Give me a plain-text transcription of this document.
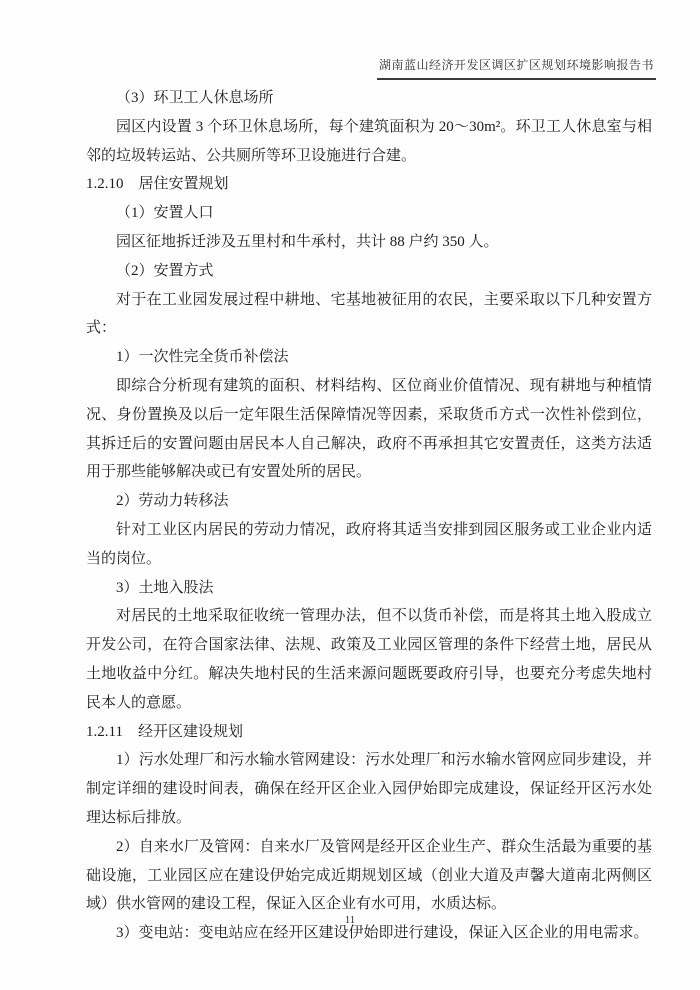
湖南蓝山经济开发区调区扩区规划环境影响报告书

（3）环卫工人休息场所

园区内设置 3 个环卫休息场所，每个建筑面积为 20～30m²。环卫工人休息室与相邻的垃圾转运站、公共厕所等环卫设施进行合建。

1.2.10 居住安置规划

（1）安置人口

园区征地拆迁涉及五里村和牛承村，共计 88 户约 350 人。

（2）安置方式

对于在工业园发展过程中耕地、宅基地被征用的农民，主要采取以下几种安置方式：

1）一次性完全货币补偿法

即综合分析现有建筑的面积、材料结构、区位商业价值情况、现有耕地与种植情况、身份置换及以后一定年限生活保障情况等因素，采取货币方式一次性补偿到位，其拆迁后的安置问题由居民本人自己解决，政府不再承担其它安置责任，这类方法适用于那些能够解决或已有安置处所的居民。

2）劳动力转移法

针对工业区内居民的劳动力情况，政府将其适当安排到园区服务或工业企业内适当的岗位。

3）土地入股法

对居民的土地采取征收统一管理办法，但不以货币补偿，而是将其土地入股成立开发公司，在符合国家法律、法规、政策及工业园区管理的条件下经营土地，居民从土地收益中分红。解决失地村民的生活来源问题既要政府引导，也要充分考虑失地村民本人的意愿。

1.2.11 经开区建设规划

1）污水处理厂和污水输水管网建设：污水处理厂和污水输水管网应同步建设，并制定详细的建设时间表，确保在经开区企业入园伊始即完成建设，保证经开区污水处理达标后排放。

2）自来水厂及管网：自来水厂及管网是经开区企业生产、群众生活最为重要的基础设施，工业园区应在建设伊始完成近期规划区域（创业大道及声馨大道南北两侧区域）供水管网的建设工程，保证入区企业有水可用，水质达标。

3）变电站：变电站应在经开区建设伊始即进行建设，保证入区企业的用电需求。

11
